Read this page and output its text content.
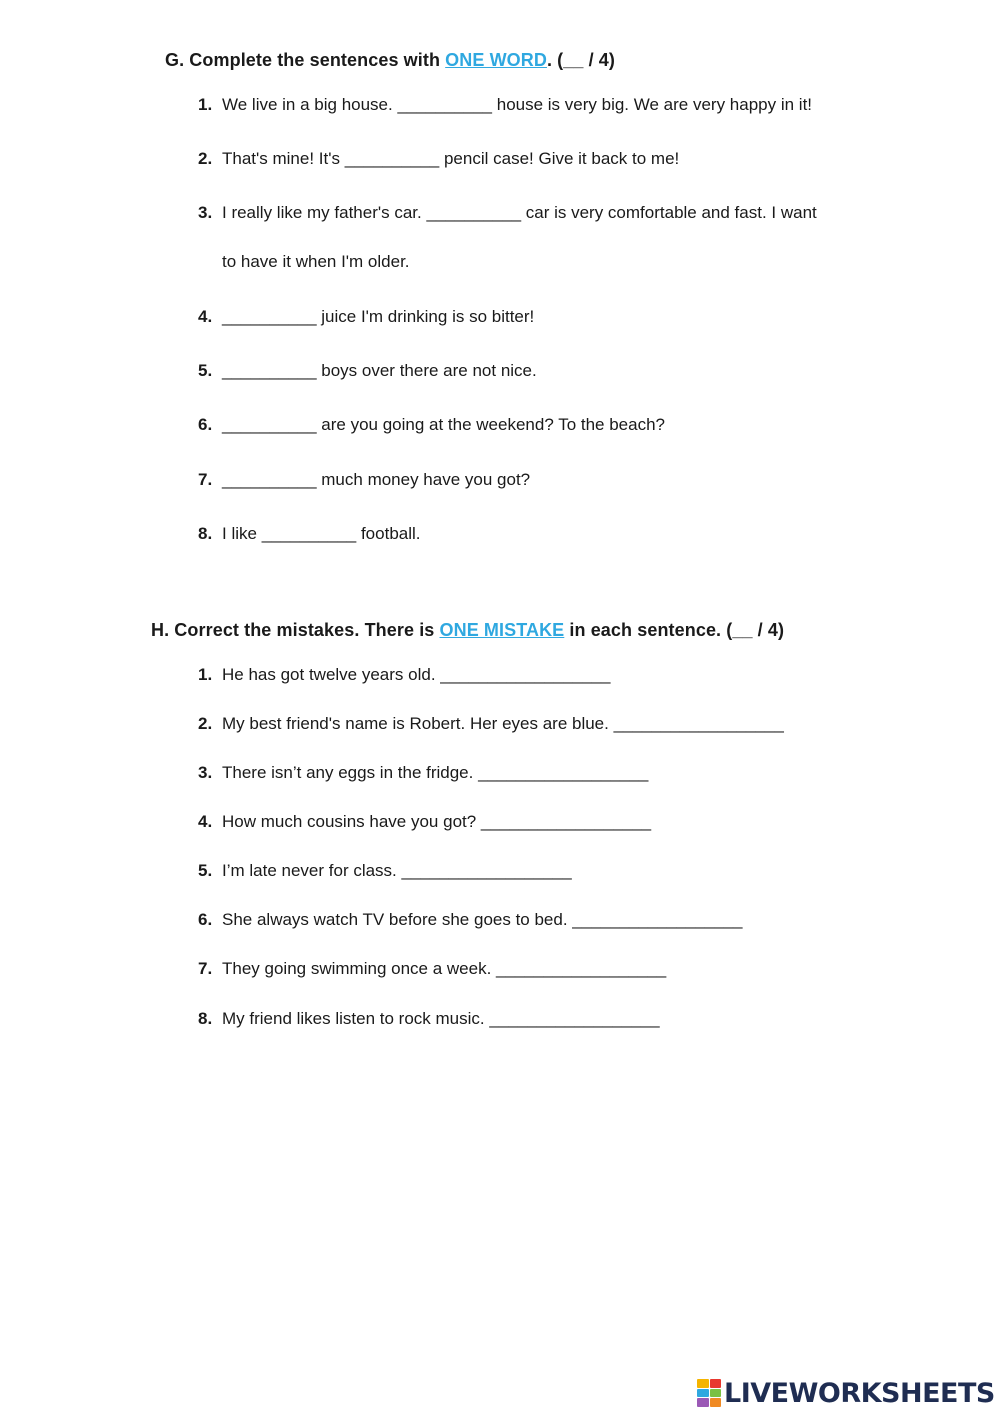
G. Complete the sentences with ONE WORD. (__ / 4)
1. We live in a big house. __________ house is very big. We are very happy in it!
2. That's mine! It's __________ pencil case! Give it back to me!
3. I really like my father's car. __________ car is very comfortable and fast. I want
to have it when I'm older.
4. __________ juice I'm drinking is so bitter!
5. __________ boys over there are not nice.
6. __________ are you going at the weekend? To the beach?
7. __________ much money have you got?
8. I like __________ football.
H. Correct the mistakes. There is ONE MISTAKE in each sentence. (__ / 4)
1. He has got twelve years old. __________________
2. My best friend's name is Robert. Her eyes are blue. __________________
3. There isn’t any eggs in the fridge. __________________
4. How much cousins have you got? __________________
5. I’m late never for class. __________________
6. She always watch TV before she goes to bed. __________________
7. They going swimming once a week. __________________
8. My friend likes listen to rock music. __________________
LIVEWORKSHEETS
